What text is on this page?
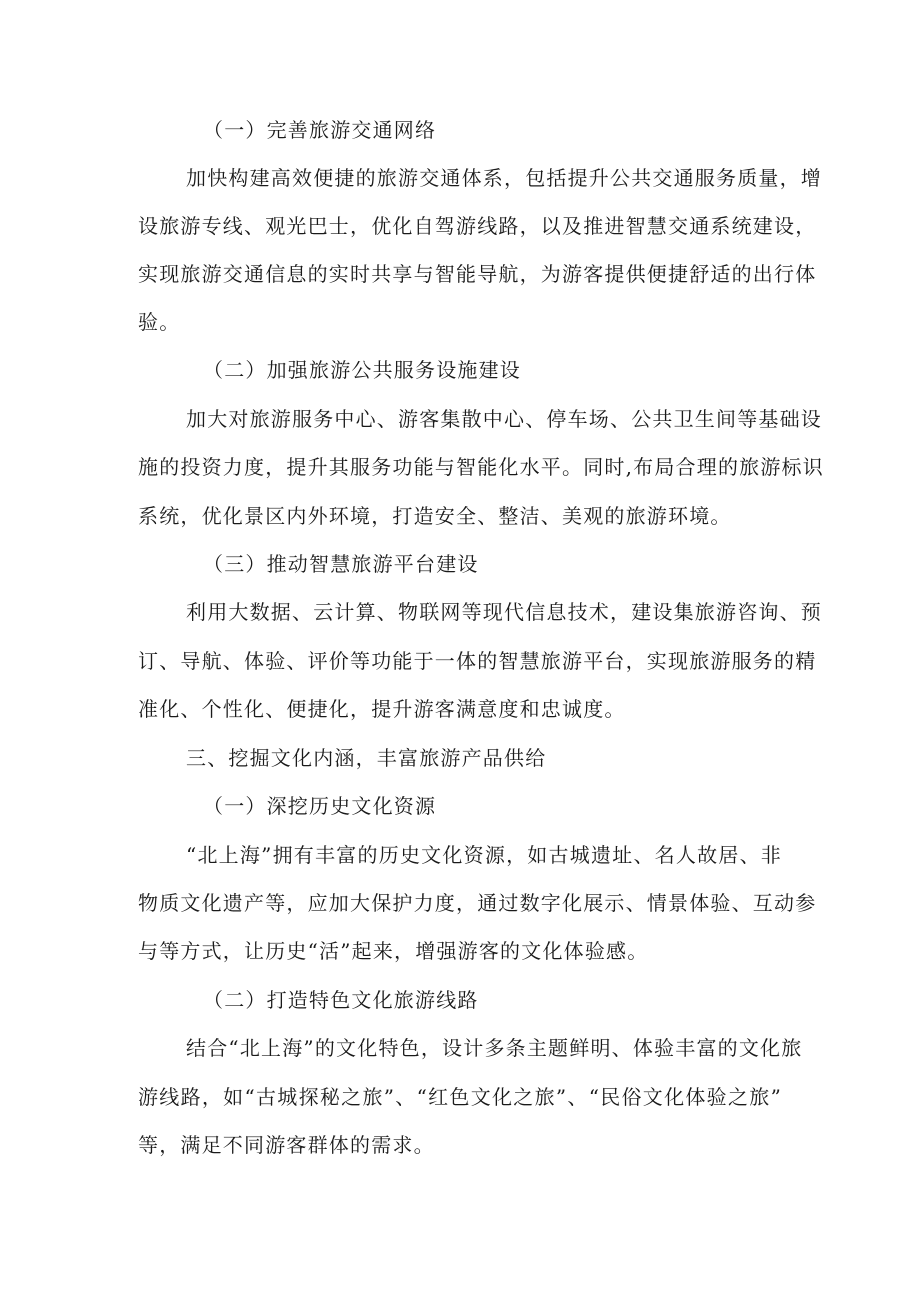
（一）完善旅游交通网络
加快构建高效便捷的旅游交通体系，包括提升公共交通服务质量，增
设旅游专线、观光巴士，优化自驾游线路，以及推进智慧交通系统建设，
实现旅游交通信息的实时共享与智能导航，为游客提供便捷舒适的出行体
验。
（二）加强旅游公共服务设施建设
加大对旅游服务中心、游客集散中心、停车场、公共卫生间等基础设
施的投资力度，提升其服务功能与智能化水平。同时,布局合理的旅游标识
系统，优化景区内外环境，打造安全、整洁、美观的旅游环境。
（三）推动智慧旅游平台建设
利用大数据、云计算、物联网等现代信息技术，建设集旅游咨询、预
订、导航、体验、评价等功能于一体的智慧旅游平台，实现旅游服务的精
准化、个性化、便捷化，提升游客满意度和忠诚度。
三、挖掘文化内涵，丰富旅游产品供给
（一）深挖历史文化资源
“北上海”拥有丰富的历史文化资源，如古城遗址、名人故居、非
物质文化遗产等，应加大保护力度，通过数字化展示、情景体验、互动参
与等方式，让历史“活”起来，增强游客的文化体验感。
（二）打造特色文化旅游线路
结合“北上海”的文化特色，设计多条主题鲜明、体验丰富的文化旅
游线路，如“古城探秘之旅”、“红色文化之旅”、“民俗文化体验之旅”
等，满足不同游客群体的需求。
